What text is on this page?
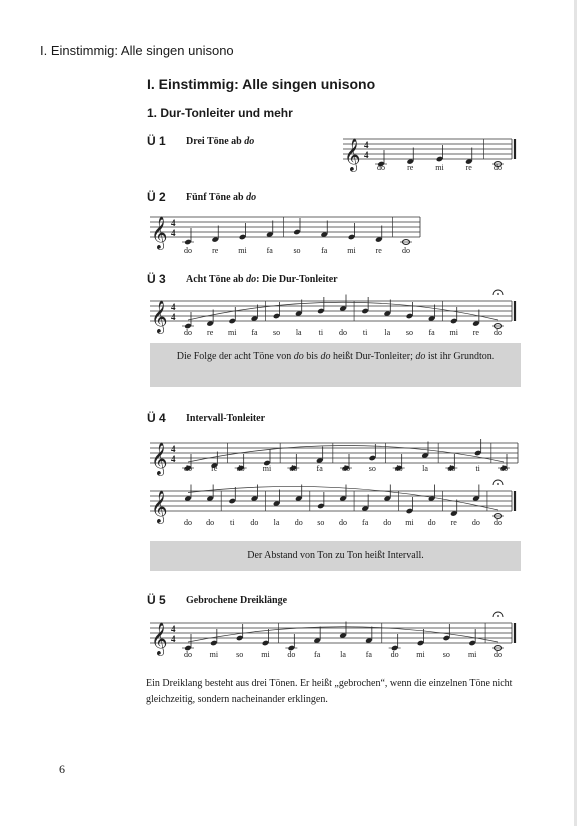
I. Einstimmig: Alle singen unisono
I. Einstimmig: Alle singen unisono
1. Dur-Tonleiter und mehr
Ü 1 Drei Töne ab do
Ü 2 Fünf Töne ab do
Ü 3 Acht Töne ab do: Die Dur-Tonleiter
Ü 4 Intervall-Tonleiter
Ü 5 Gebrochene Dreiklänge
𝄞 4
4
do	re	mi	re	do
𝄞 4
4
do	re mi fa	so	fa mi re	do
𝄞 4
4
do re mi fa so la ti do ti la so fa mi re do
𝄞 4
4
do re do mi do fa do so do la do	ti	do
𝄞 do do ti do la do so do fa do mi do re do do
𝄞 4
4
do mi so mi do fa la fa do mi so mi do
Die Folge der acht Töne von do bis do heißt Dur-Tonleiter; do ist ihr Grundton.
Der Abstand von Ton zu Ton heißt Intervall.
Ein Dreiklang besteht aus drei Tönen. Er heißt „gebrochen“, wenn die einzelnen Töne nicht gleichzeitig, sondern nacheinander erklingen.
6
